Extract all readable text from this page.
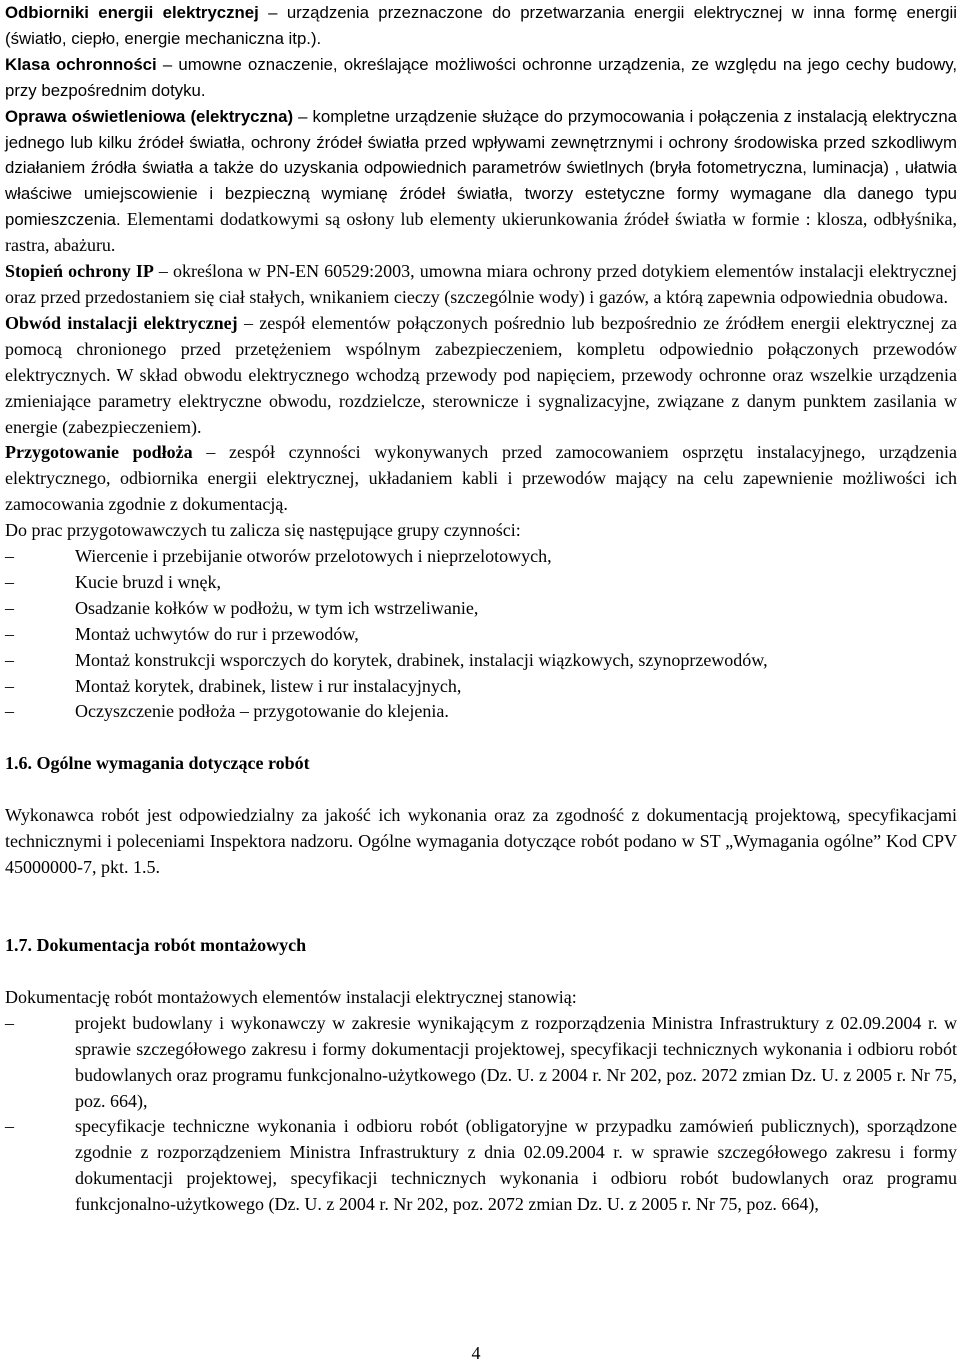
Odbiorniki energii elektrycznej – urządzenia przeznaczone do przetwarzania energii elektrycznej w inna formę energii (światło, ciepło, energie mechaniczna itp.).

Klasa ochronności – umowne oznaczenie, określające możliwości ochronne urządzenia, ze względu na jego cechy budowy, przy bezpośrednim dotyku.

Oprawa oświetleniowa (elektryczna) – kompletne urządzenie służące do przymocowania i połączenia z instalacją elektryczna jednego lub kilku źródeł światła, ochrony źródeł światła przed wpływami zewnętrznymi i ochrony środowiska przed szkodliwym działaniem źródła światła a także do uzyskania odpowiednich parametrów świetlnych (bryła fotometryczna, luminacja) , ułatwia właściwe umiejscowienie i bezpieczną wymianę źródeł światła, tworzy estetyczne formy wymagane dla danego typu pomieszczenia. Elementami dodatkowymi są osłony lub elementy ukierunkowania źródeł światła w formie : klosza, odbłyśnika, rastra, abażuru.

Stopień ochrony IP – określona w PN-EN 60529:2003, umowna miara ochrony przed dotykiem elementów instalacji elektrycznej oraz przed przedostaniem się ciał stałych, wnikaniem cieczy (szczególnie wody) i gazów, a którą zapewnia odpowiednia obudowa.

Obwód instalacji elektrycznej – zespół elementów połączonych pośrednio lub bezpośrednio ze źródłem energii elektrycznej za pomocą chronionego przed przetężeniem wspólnym zabezpieczeniem, kompletu odpowiednio połączonych przewodów elektrycznych. W skład obwodu elektrycznego wchodzą przewody pod napięciem, przewody ochronne oraz wszelkie urządzenia zmieniające parametry elektryczne obwodu, rozdzielcze, sterownicze i sygnalizacyjne, związane z danym punktem zasilania w energie (zabezpieczeniem).

Przygotowanie podłoża – zespół czynności wykonywanych przed zamocowaniem osprzętu instalacyjnego, urządzenia elektrycznego, odbiornika energii elektrycznej, układaniem kabli i przewodów mający na celu zapewnienie możliwości ich zamocowania zgodnie z dokumentacją.

Do prac przygotowawczych tu zalicza się następujące grupy czynności:

–	Wiercenie i przebijanie otworów przelotowych i nieprzelotowych,
–	Kucie bruzd i wnęk,
–	Osadzanie kołków w podłożu, w tym ich wstrzeliwanie,
–	Montaż uchwytów do rur i przewodów,
–	Montaż konstrukcji wsporczych do korytek, drabinek, instalacji wiązkowych, szynoprzewodów,
–	Montaż korytek, drabinek, listew i rur instalacyjnych,
–	Oczyszczenie podłoża – przygotowanie do klejenia.

1.6. Ogólne wymagania dotyczące robót

Wykonawca robót jest odpowiedzialny za jakość ich wykonania oraz za zgodność z dokumentacją projektową, specyfikacjami technicznymi i poleceniami Inspektora nadzoru. Ogólne wymagania dotyczące robót podano w ST „Wymagania ogólne” Kod CPV 45000000-7, pkt. 1.5.

1.7. Dokumentacja robót montażowych

Dokumentację robót montażowych elementów instalacji elektrycznej stanowią:

–	projekt budowlany i wykonawczy w zakresie wynikającym z rozporządzenia Ministra Infrastruktury z 02.09.2004 r. w sprawie szczegółowego zakresu i formy dokumentacji projektowej, specyfikacji technicznych wykonania i odbioru robót budowlanych oraz programu funkcjonalno-użytkowego (Dz. U. z 2004 r. Nr 202, poz. 2072 zmian Dz. U. z 2005 r. Nr 75, poz. 664),
–	specyfikacje techniczne wykonania i odbioru robót (obligatoryjne w przypadku zamówień publicznych), sporządzone zgodnie z rozporządzeniem Ministra Infrastruktury z dnia 02.09.2004 r. w sprawie szczegółowego zakresu i formy dokumentacji projektowej, specyfikacji technicznych wykonania i odbioru robót budowlanych oraz programu funkcjonalno-użytkowego (Dz. U. z 2004 r. Nr 202, poz. 2072 zmian Dz. U. z 2005 r. Nr 75, poz. 664),
4
